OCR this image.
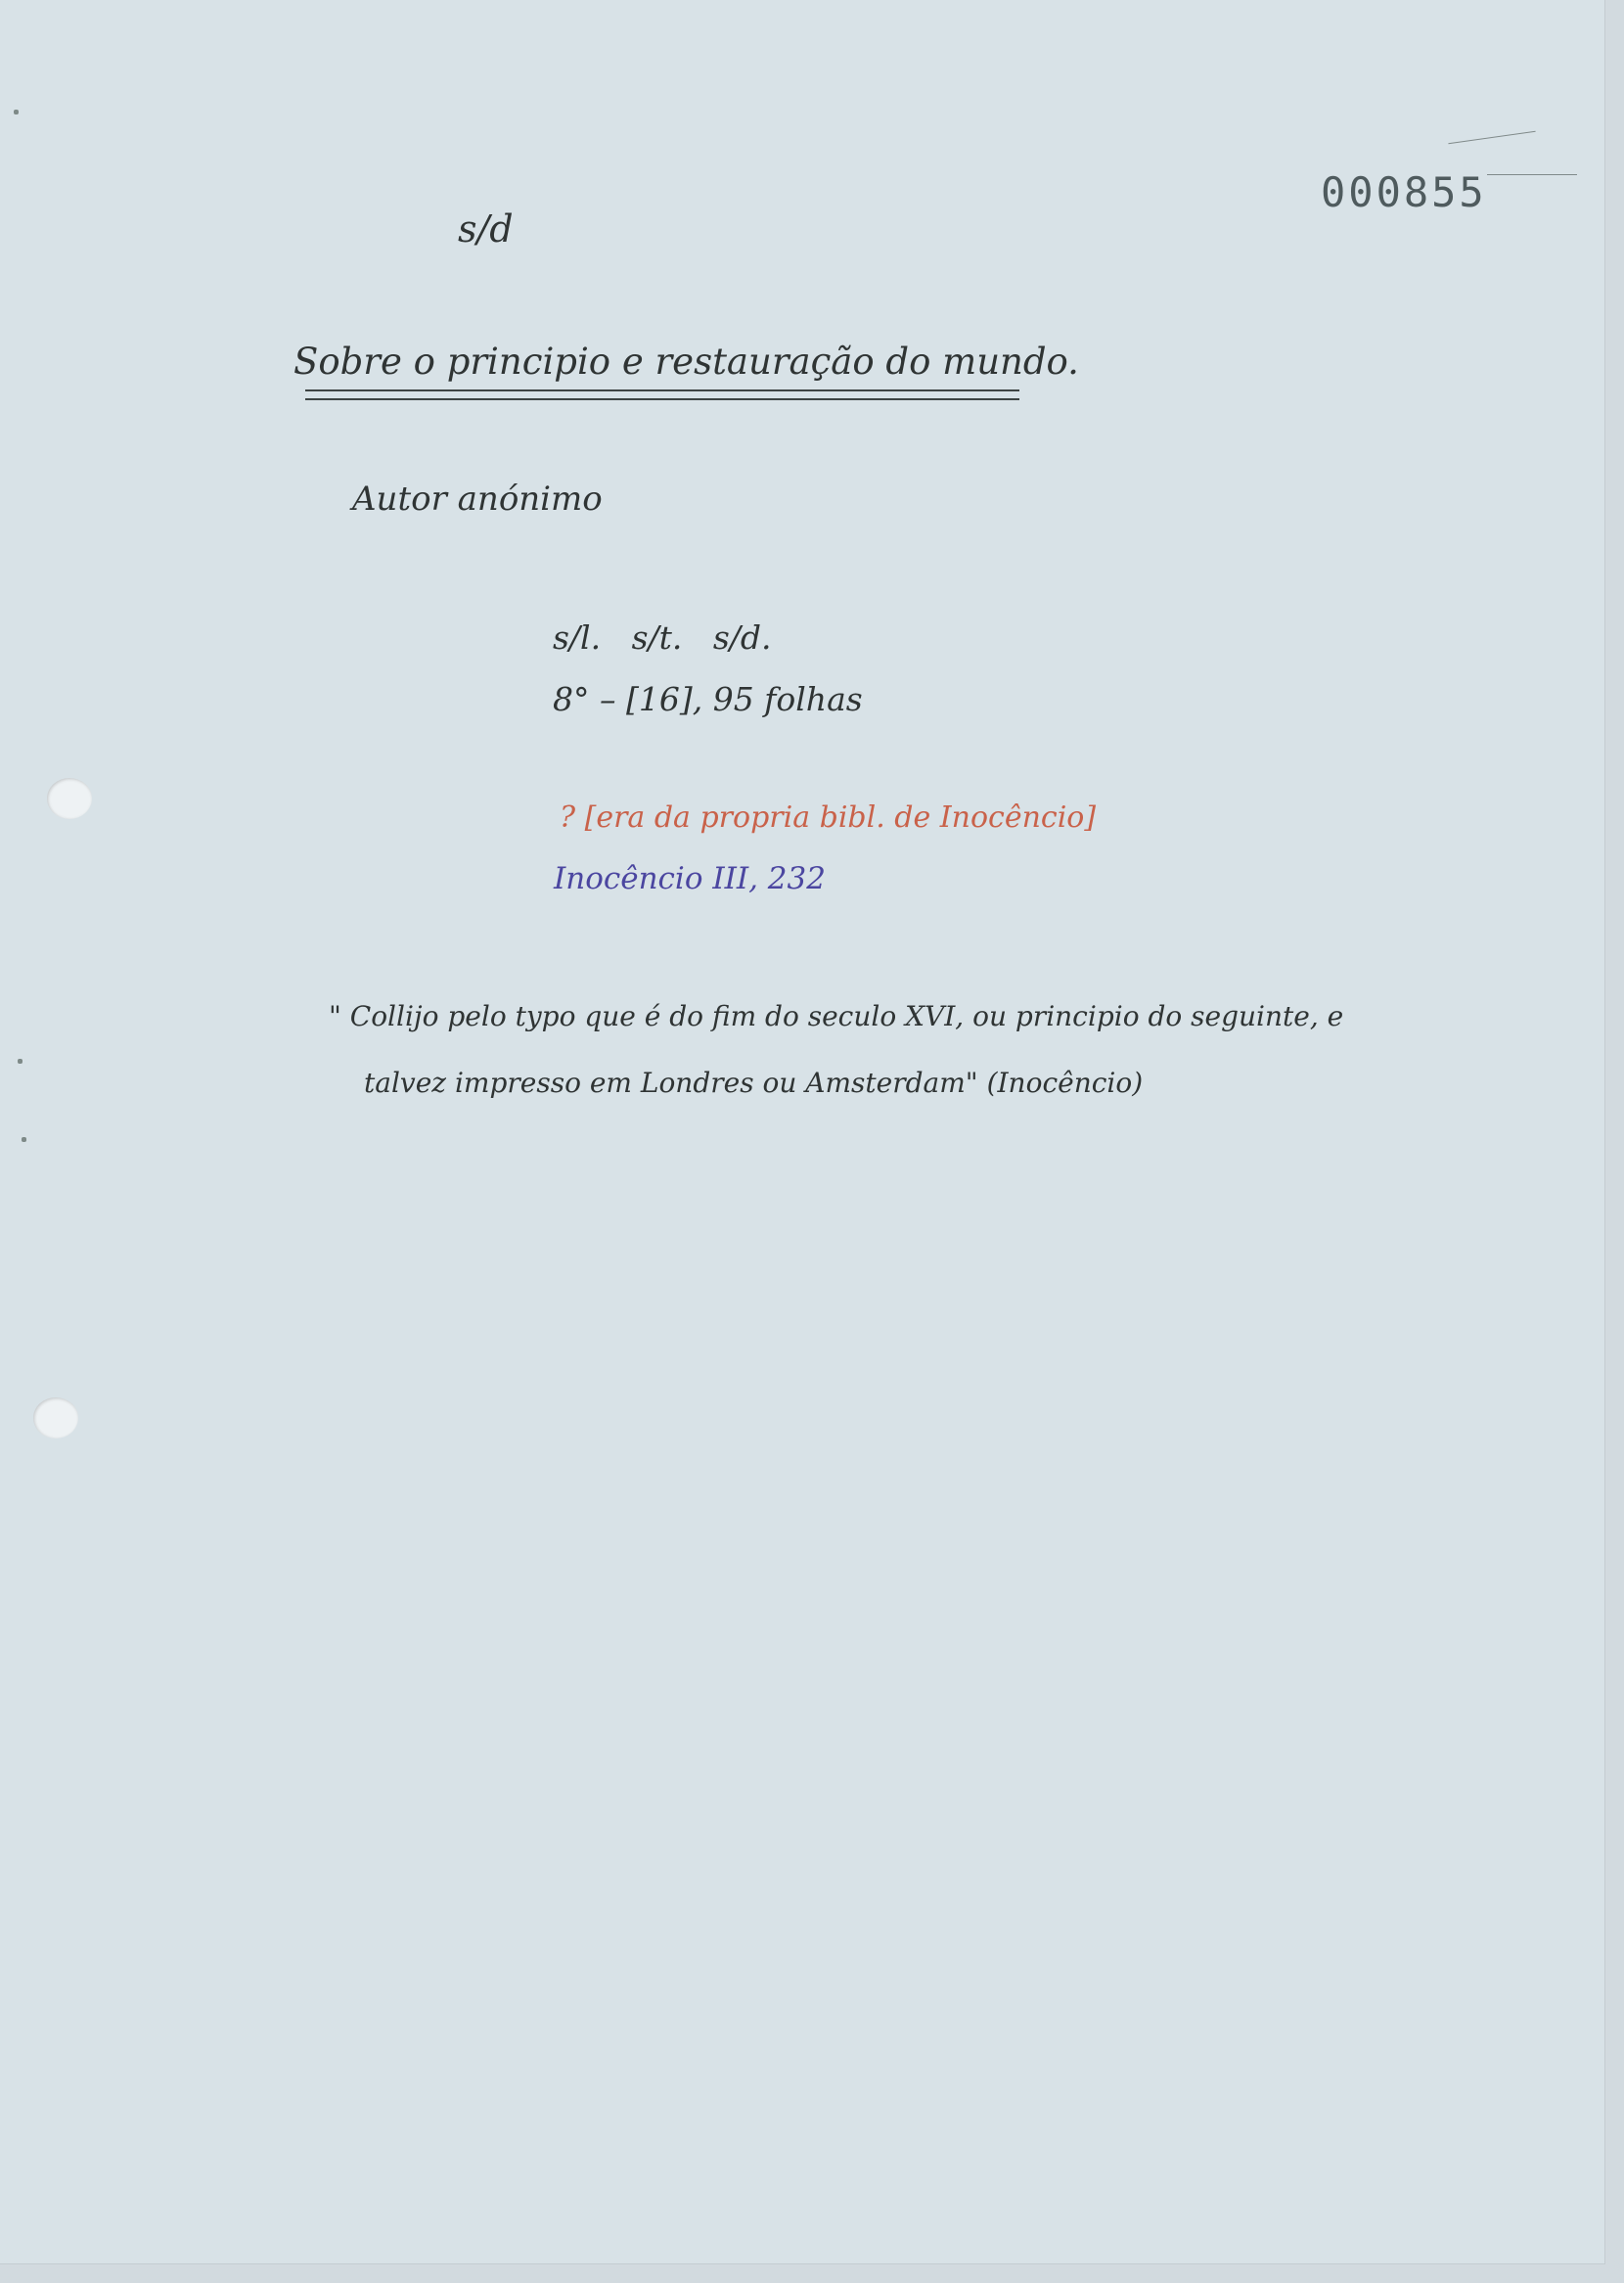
000855
s/d
Sobre o principio e restauração do mundo.
Autor anónimo
s/l.   s/t.   s/d.
8° – [16], 95 folhas
? [era da propria bibl. de Inocêncio]
Inocêncio III, 232
" Collijo pelo typo que é do fim do seculo XVI, ou principio do seguinte, e
talvez impresso em Londres ou Amsterdam" (Inocêncio)
